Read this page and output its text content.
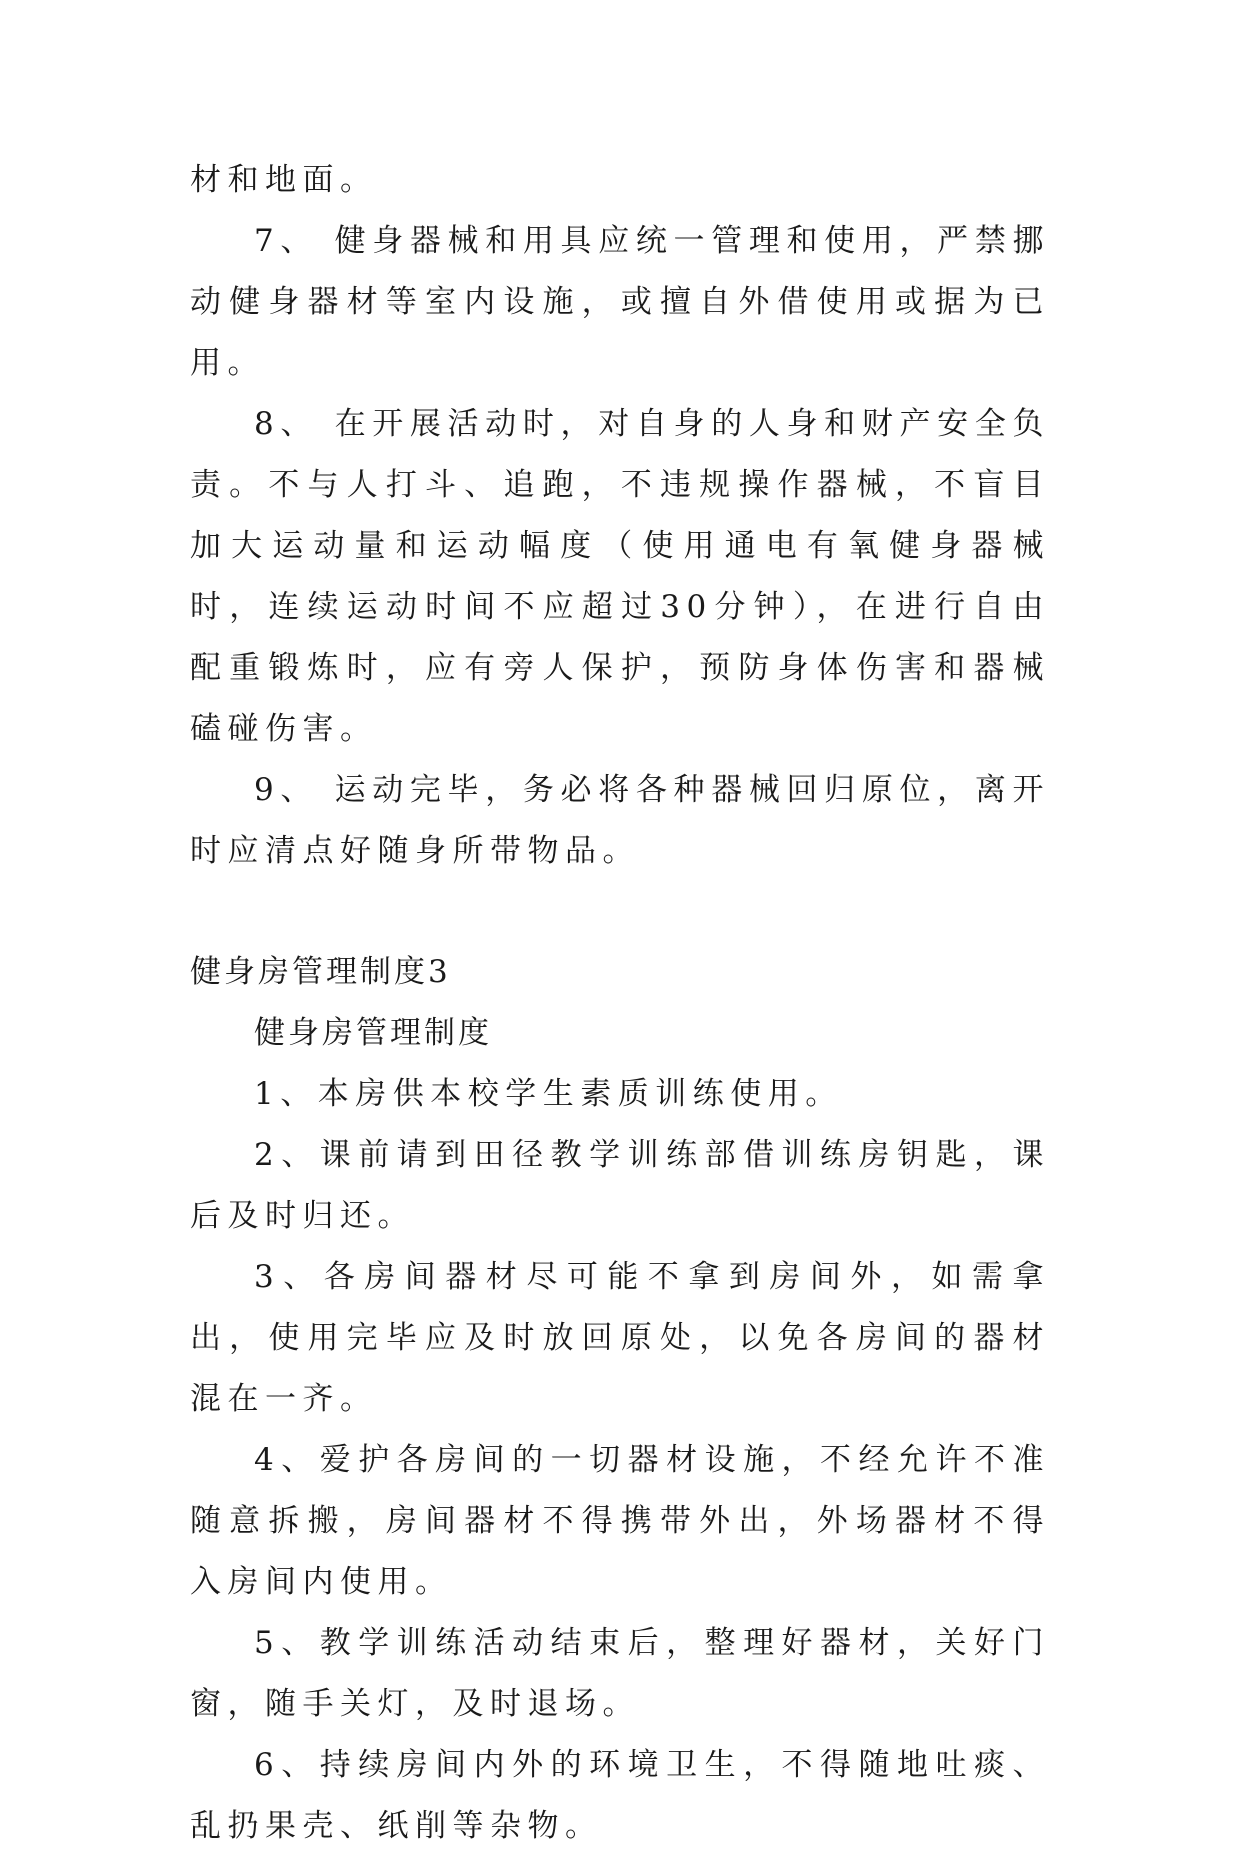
材和地面。

7、 健身器械和用具应统一管理和使用，严禁挪动健身器材等室内设施，或擅自外借使用或据为已用。

8、 在开展活动时，对自身的人身和财产安全负责。不与人打斗、追跑，不违规操作器械，不盲目加大运动量和运动幅度（使用通电有氧健身器械时，连续运动时间不应超过30分钟），在进行自由配重锻炼时，应有旁人保护，预防身体伤害和器械磕碰伤害。

9、 运动完毕，务必将各种器械回归原位，离开时应清点好随身所带物品。

健身房管理制度3

健身房管理制度

1、本房供本校学生素质训练使用。

2、课前请到田径教学训练部借训练房钥匙，课后及时归还。

3、各房间器材尽可能不拿到房间外，如需拿出，使用完毕应及时放回原处，以免各房间的器材混在一齐。

4、爱护各房间的一切器材设施，不经允许不准随意拆搬，房间器材不得携带外出，外场器材不得入房间内使用。

5、教学训练活动结束后，整理好器材，关好门窗，随手关灯，及时退场。

6、持续房间内外的环境卫生，不得随地吐痰、乱扔果壳、纸削等杂物。
